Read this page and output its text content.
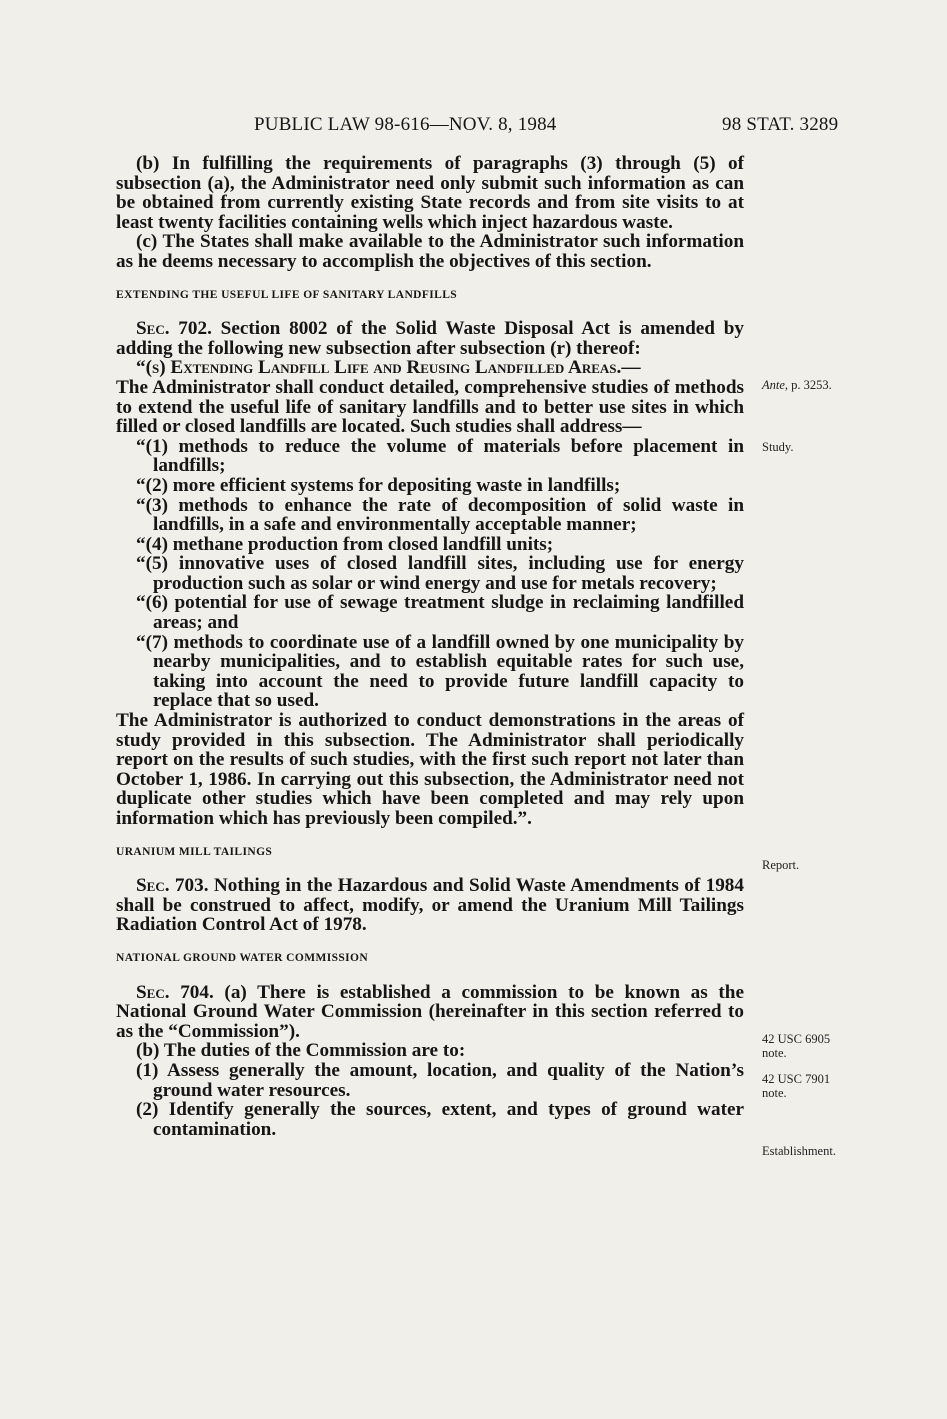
PUBLIC LAW 98-616—NOV. 8, 1984	98 STAT. 3289

(b) In fulfilling the requirements of paragraphs (3) through (5) of subsection (a), the Administrator need only submit such information as can be obtained from currently existing State records and from site visits to at least twenty facilities containing wells which inject hazardous waste.

(c) The States shall make available to the Administrator such information as he deems necessary to accomplish the objectives of this section.

EXTENDING THE USEFUL LIFE OF SANITARY LANDFILLS

Sec. 702. Section 8002 of the Solid Waste Disposal Act is amended by adding the following new subsection after subsection (r) thereof:

“(s) Extending Landfill Life and Reusing Landfilled Areas.—

The Administrator shall conduct detailed, comprehensive studies of methods to extend the useful life of sanitary landfills and to better use sites in which filled or closed landfills are located. Such studies shall address—

“(1) methods to reduce the volume of materials before placement in landfills;

“(2) more efficient systems for depositing waste in landfills;

“(3) methods to enhance the rate of decomposition of solid waste in landfills, in a safe and environmentally acceptable manner;

“(4) methane production from closed landfill units;

“(5) innovative uses of closed landfill sites, including use for energy production such as solar or wind energy and use for metals recovery;

“(6) potential for use of sewage treatment sludge in reclaiming landfilled areas; and

“(7) methods to coordinate use of a landfill owned by one municipality by nearby municipalities, and to establish equitable rates for such use, taking into account the need to provide future landfill capacity to replace that so used.

The Administrator is authorized to conduct demonstrations in the areas of study provided in this subsection. The Administrator shall periodically report on the results of such studies, with the first such report not later than October 1, 1986. In carrying out this subsection, the Administrator need not duplicate other studies which have been completed and may rely upon information which has previously been compiled.”.

URANIUM MILL TAILINGS

Sec. 703. Nothing in the Hazardous and Solid Waste Amendments of 1984 shall be construed to affect, modify, or amend the Uranium Mill Tailings Radiation Control Act of 1978.

NATIONAL GROUND WATER COMMISSION

Sec. 704. (a) There is established a commission to be known as the National Ground Water Commission (hereinafter in this section referred to as the “Commission”).

(b) The duties of the Commission are to:

(1) Assess generally the amount, location, and quality of the Nation’s ground water resources.

(2) Identify generally the sources, extent, and types of ground water contamination.

Ante, p. 3253.
Study.
Report.
42 USC 6905 note.
42 USC 7901 note.
Establishment.
